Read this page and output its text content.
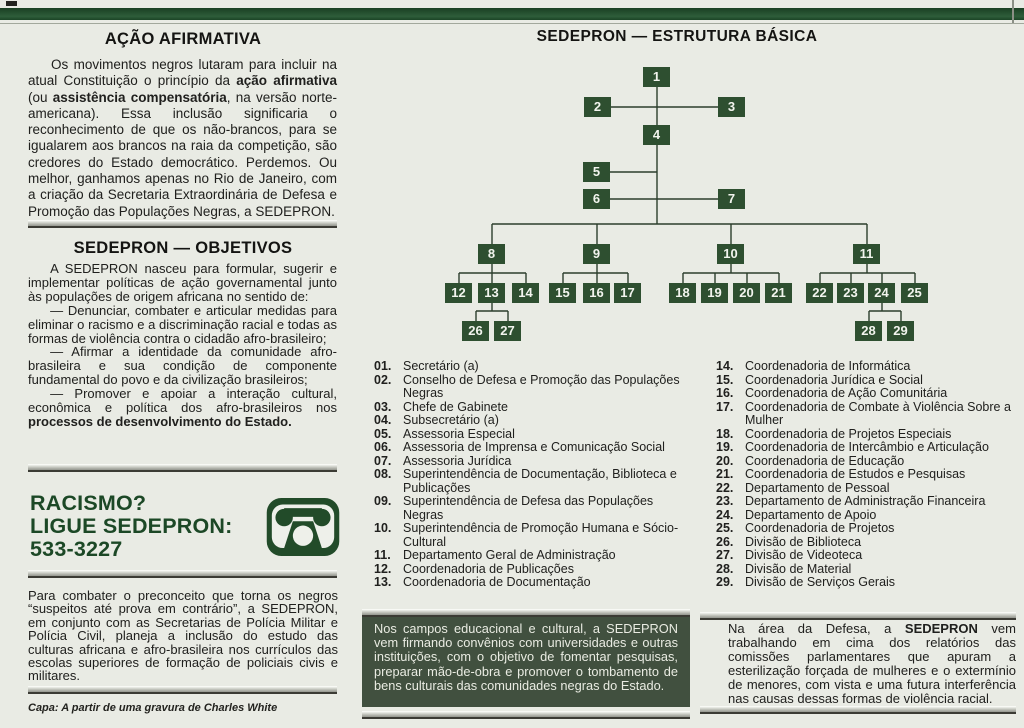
AÇÃO AFIRMATIVA

Os movimentos negros lutaram para incluir na atual Constituição o princípio da ação afirmativa (ou assistência compensatória, na versão norte-americana). Essa inclusão significaria o reconhecimento de que os não-brancos, para se igualarem aos brancos na raia da competição, são credores do Estado democrático. Perdemos. Ou melhor, ganhamos apenas no Rio de Janeiro, com a criação da Secretaria Extraordinária de Defesa e Promoção das Populações Negras, a SEDEPRON.

SEDEPRON — OBJETIVOS

A SEDEPRON nasceu para formular, sugerir e implementar políticas de ação governamental junto às populações de origem africana no sentido de:

— Denunciar, combater e articular medidas para eliminar o racismo e a discriminação racial e todas as formas de violência contra o cidadão afro-brasileiro;

— Afirmar a identidade da comunidade afro-brasileira e sua condição de componente fundamental do povo e da civilização brasileiros;

— Promover e apoiar a interação cultural, econômica e política dos afro-brasileiros nos processos de desenvolvimento do Estado.

RACISMO?
LIGUE SEDEPRON:
533-3227

Para combater o preconceito que torna os negros “suspeitos até prova em contrário”, a SEDEPRON, em conjunto com as Secretarias de Polícia Militar e Polícia Civil, planeja a inclusão do estudo das culturas africana e afro-brasileira nos currículos das escolas superiores de formação de policiais civis e militares.

Capa: A partir de uma gravura de Charles White
SEDEPRON — ESTRUTURA BÁSICA
1
2	3
4
5
6	7
8	9	10	11
12	13	14	15	16	17	18	19	20	21	22	23	24	25
26	27	28	29
01. Secretário (a)
02. Conselho de Defesa e Promoção das Populações Negras
03. Chefe de Gabinete
04. Subsecretário (a)
05. Assessoria Especial
06. Assessoria de Imprensa e Comunicação Social
07. Assessoria Jurídica
08. Superintendência de Documentação, Biblioteca e Publicações
09. Superintendência de Defesa das Populações Negras
10. Superintendência de Promoção Humana e Sócio-Cultural
11. Departamento Geral de Administração
12. Coordenadoria de Publicações
13. Coordenadoria de Documentação
14. Coordenadoria de Informática
15. Coordenadoria Jurídica e Social
16. Coordenadoria de Ação Comunitária
17. Coordenadoria de Combate à Violência Sobre a Mulher
18. Coordenadoria de Projetos Especiais
19. Coordenadoria de Intercâmbio e Articulação
20. Coordenadoria de Educação
21. Coordenadoria de Estudos e Pesquisas
22. Departamento de Pessoal
23. Departamento de Administração Financeira
24. Departamento de Apoio
25. Coordenadoria de Projetos
26. Divisão de Biblioteca
27. Divisão de Videoteca
28. Divisão de Material
29. Divisão de Serviços Gerais
Nos campos educacional e cultural, a SEDEPRON vem firmando convênios com universidades e outras instituições, com o objetivo de fomentar pesquisas, preparar mão-de-obra e promover o tombamento de bens culturais das comunidades negras do Estado.

Na área da Defesa, a SEDEPRON vem trabalhando em cima dos relatórios das comissões parlamentares que apuram a esterilização forçada de mulheres e o extermínio de menores, com vista e uma futura interferência nas causas dessas formas de violência racial.
